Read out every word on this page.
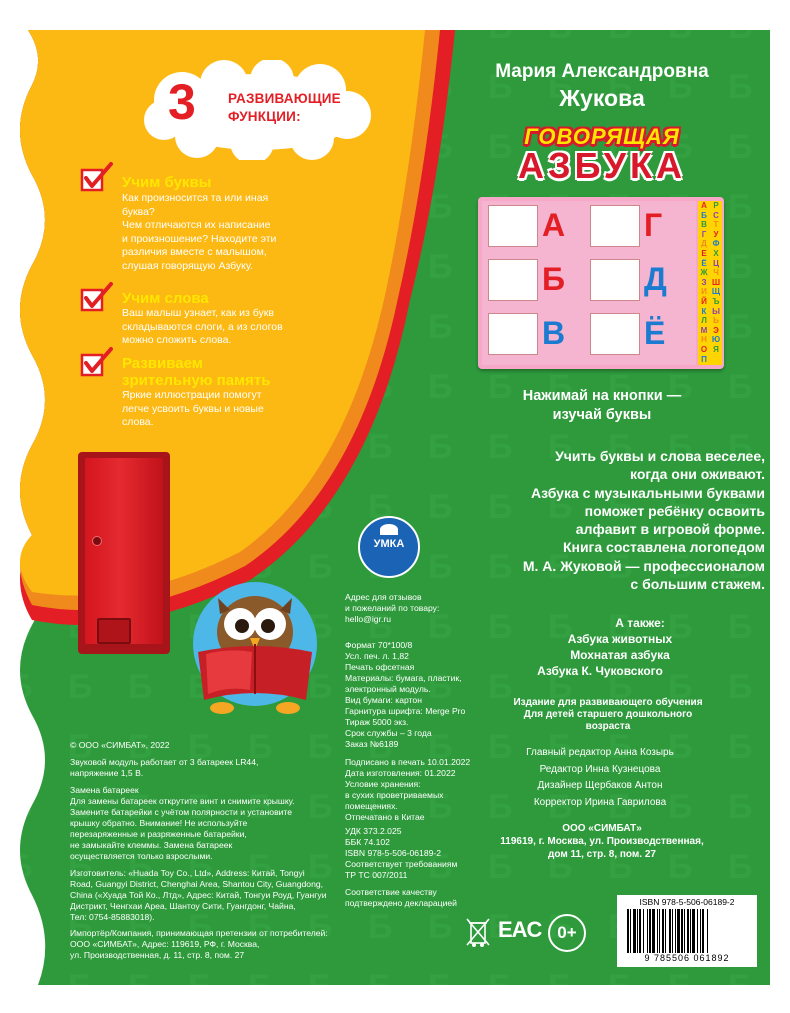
3 РАЗВИВАЮЩИЕ
ФУНКЦИИ:
Учим буквы
Как произносится та или иная
буква?
Чем отличаются их написание
и произношение? Находите эти
различия вместе с малышом,
слушая говорящую Азбуку.
Учим слова
Ваш малыш узнает, как из букв
складываются слоги, а из слогов
можно сложить слова.
Развиваем
зрительную память
Яркие иллюстрации помогут
легче усвоить буквы и новые
слова.
Мария Александровна
Жукова
ГОВОРЯЩАЯ
АЗБУКА
А Г
Б Д
В Ё
А
Б
В
Г
Д
Е
Ё
Ж
З
И
Й
К
Л
М
Н
О
П
Р
С
Т
У
Ф
Х
Ц
Ч
Ш
Щ
Ъ
Ы
Ь
Э
Ю
Я
Нажимай на кнопки —
изучай буквы
Учить буквы и слова веселее,
когда они оживают.
Азбука с музыкальными буквами
поможет ребёнку освоить
алфавит в игровой форме.
Книга составлена логопедом
М. А. Жуковой — профессионалом
с большим стажем.
УМКА
А также:
Азбука животных
Мохнатая азбука
Азбука К. Чуковского
Издание для развивающего обучения
Для детей старшего дошкольного
возраста
Главный редактор Анна Козырь
Редактор Инна Кузнецова
Дизайнер Щербаков Антон
Корректор Ирина Гаврилова
ООО «СИМБАТ»
119619, г. Москва, ул. Производственная,
дом 11, стр. 8, пом. 27
Адрес для отзывов
и пожеланий по товару:
hello@igr.ru
Формат 70*100/8
Усл. печ. л. 1,82
Печать офсетная
Материалы: бумага, пластик,
электронный модуль.
Вид бумаги: картон
Гарнитура шрифта: Merge Pro
Тираж 5000 экз.
Срок службы – 3 года
Заказ №6189
Подписано в печать 10.01.2022
Дата изготовления: 01.2022
Условие хранения:
в сухих проветриваемых
помещениях.
Отпечатано в Китае
УДК 373.2.025
ББК 74.102
ISBN 978-5-506-06189-2
Соответствует требованиям
ТР ТС 007/2011
Соответствие качеству
подтверждено декларацией
© ООО «СИМБАТ», 2022
Звуковой модуль работает от 3 батареек LR44,
напряжение 1,5 В.
Замена батареек
Для замены батареек открутите винт и снимите крышку.
Замените батарейки с учётом полярности и установите
крышку обратно. Внимание! Не используйте
перезаряженные и разряженные батарейки,
не замыкайте клеммы. Замена батареек
осуществляется только взрослыми.
Изготовитель: «Huada Toy Co., Ltd», Address: Китай, Tongyi
Road, Guangyi District, Chenghai Area, Shantou City, Guangdong,
China («Хуада Той Ко., Лтд», Адрес: Китай, Тонгуи Роуд, Гуангуи
Дистрикт, Ченгхаи Ареа, Шантоу Сити, Гуангдонг, Чайна,
Тел: 0754-85883018).
Импортёр/Компания, принимающая претензии от потребителей:
ООО «СИМБАТ», Адрес: 119619, РФ, г. Москва,
ул. Производственная, д. 11, стр. 8, пом. 27
EAC 0+
ISBN 978-5-506-06189-2
9 785506 061892
